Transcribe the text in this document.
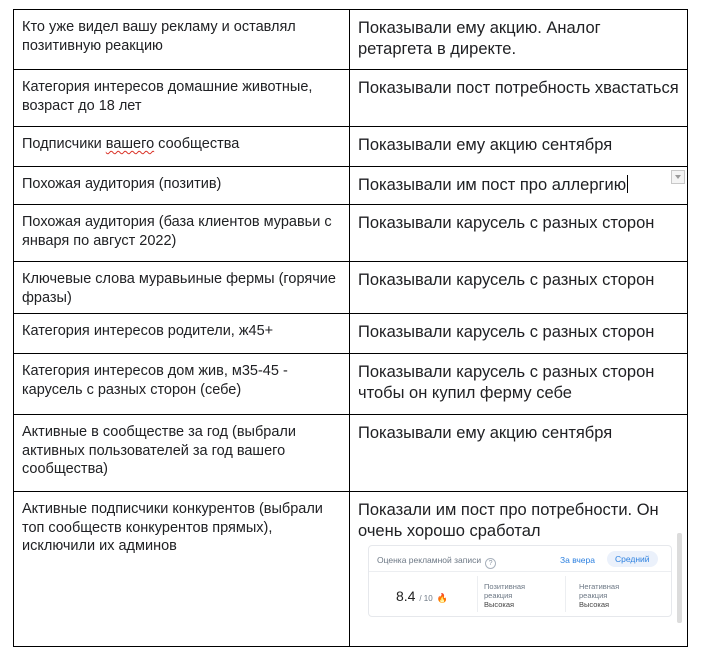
Кто уже видел вашу рекламу и оставлял позитивную реакцию	Показывали ему акцию. Аналог ретаргета в директе.

Категория интересов домашние животные, возраст до 18 лет	Показывали пост потребность хвастаться

Подписчики вашего сообщества	Показывали ему акцию сентября

Похожая аудитория (позитив)	Показывали им пост про аллергию

Похожая аудитория (база клиентов муравьи с января по август 2022)	Показывали карусель с разных сторон

Ключевые слова муравьиные фермы (горячие фразы)	Показывали карусель с разных сторон

Категория интересов родители, ж45+	Показывали карусель с разных сторон

Категория интересов дом жив, м35-45 - карусель с разных сторон (себе)	Показывали карусель с разных сторон чтобы он купил ферму себе

Активные в сообществе за год (выбрали активных пользователей за год вашего сообщества)	Показывали ему акцию сентября

Активные подписчики конкурентов (выбрали топ сообществ конкурентов прямых), исключили их админов	Показали им пост про потребности. Он очень хорошо сработал
Оценка рекламной записи ?	За вчера	Средний
8.4 / 10 🔥
Позитивная
реакция
Высокая
Негативная
реакция
Высокая
